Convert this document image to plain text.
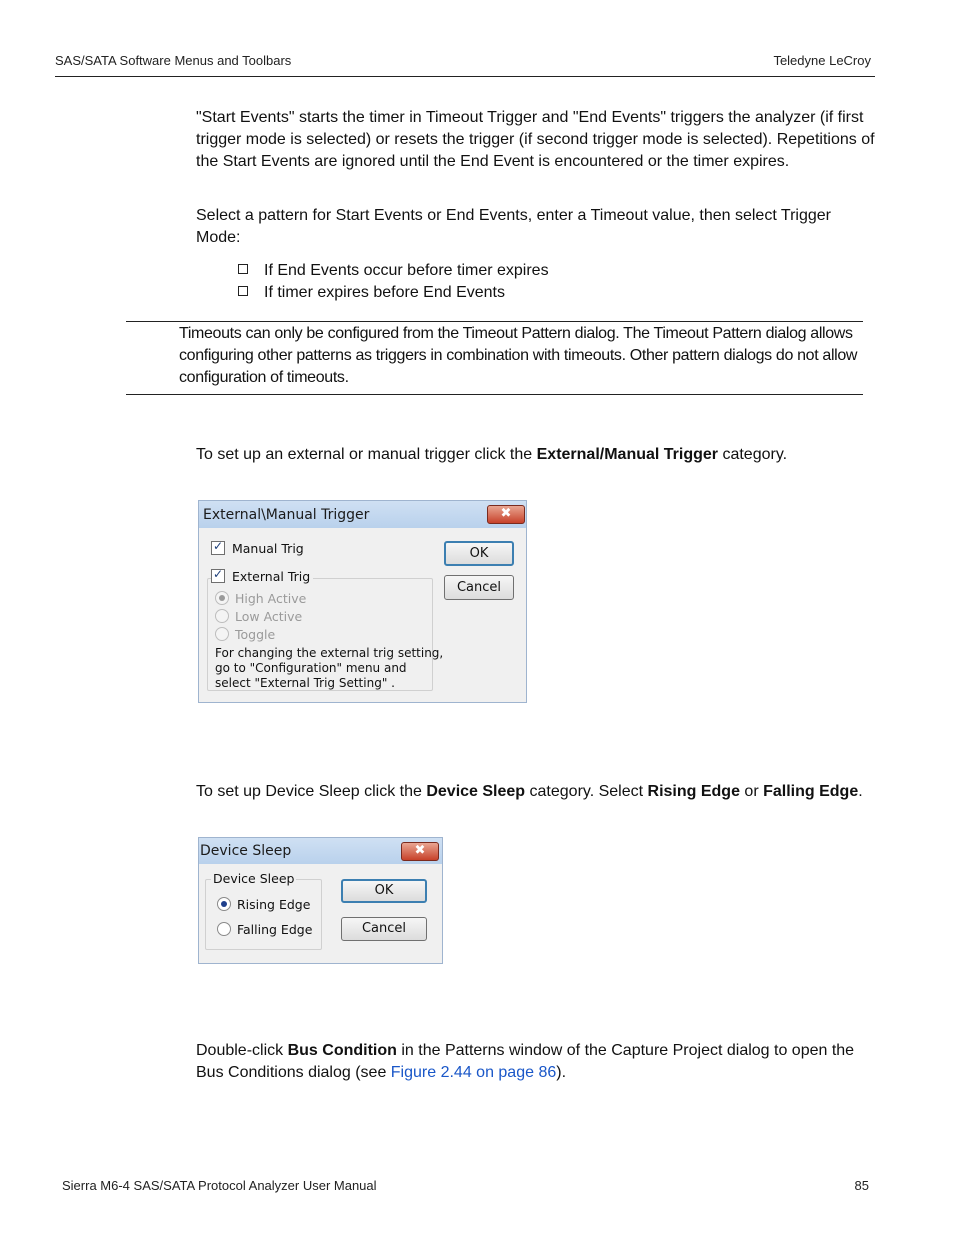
SAS/SATA Software Menus and Toolbars	Teledyne LeCroy

"Start Events" starts the timer in Timeout Trigger and "End Events" triggers the analyzer (if first trigger mode is selected) or resets the trigger (if second trigger mode is selected). Repetitions of the Start Events are ignored until the End Event is encountered or the timer expires.

Select a pattern for Start Events or End Events, enter a Timeout value, then select Trigger Mode:

If End Events occur before timer expires
If timer expires before End Events
Timeouts can only be configured from the Timeout Pattern dialog. The Timeout Pattern dialog allows configuring other patterns as triggers in combination with timeouts. Other pattern dialogs do not allow configuration of timeouts.
To set up an external or manual trigger click the External/Manual Trigger category.
External\Manual Trigger	✖
✓ Manual Trig
✓ External Trig
High Active
Low Active
Toggle
For changing the external trig setting,
go to "Configuration" menu and
select "External Trig Setting" .
OK
Cancel
To set up Device Sleep click the Device Sleep category. Select Rising Edge or Falling Edge.
Device Sleep	✖
Device Sleep
Rising Edge
Falling Edge
OK
Cancel
Double-click Bus Condition in the Patterns window of the Capture Project dialog to open the Bus Conditions dialog (see Figure 2.44 on page 86).
Sierra M6-4 SAS/SATA Protocol Analyzer User Manual	85
